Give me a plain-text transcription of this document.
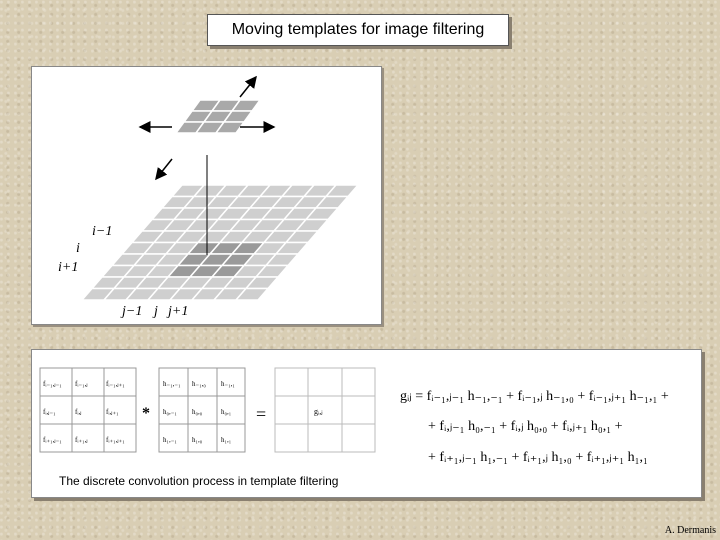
Moving templates for image filtering
i−1
i
i+1
j−1 j j+1
fᵢ₋₁,ⱼ₋₁ fᵢ₋₁,ⱼ	fᵢ₋₁,ⱼ₊₁
fᵢ,ⱼ₋₁	fᵢ,ⱼ	fᵢ,ⱼ₊₁
fᵢ₊₁,ⱼ₋₁ fᵢ₊₁,ⱼ	fᵢ₊₁,ⱼ₊₁
*
h₋₁,₋₁ h₋₁,₀ h₋₁,₁
h₀,₋₁ h₀,₀	h₀,₁
h₁,₋₁ h₁,₀	h₁,₁
=	gᵢ,ⱼ
gᵢⱼ = fᵢ₋₁,ⱼ₋₁ h₋₁,₋₁ + fᵢ₋₁,ⱼ h₋₁,₀ + fᵢ₋₁,ⱼ₊₁ h₋₁,₁ +
+ fᵢ,ⱼ₋₁ h₀,₋₁ + fᵢ,ⱼ h₀,₀ + fᵢ,ⱼ₊₁ h₀,₁ +
+ fᵢ₊₁,ⱼ₋₁ h₁,₋₁ + fᵢ₊₁,ⱼ h₁,₀ + fᵢ₊₁,ⱼ₊₁ h₁,₁
The discrete convolution process in template filtering
A. Dermanis
